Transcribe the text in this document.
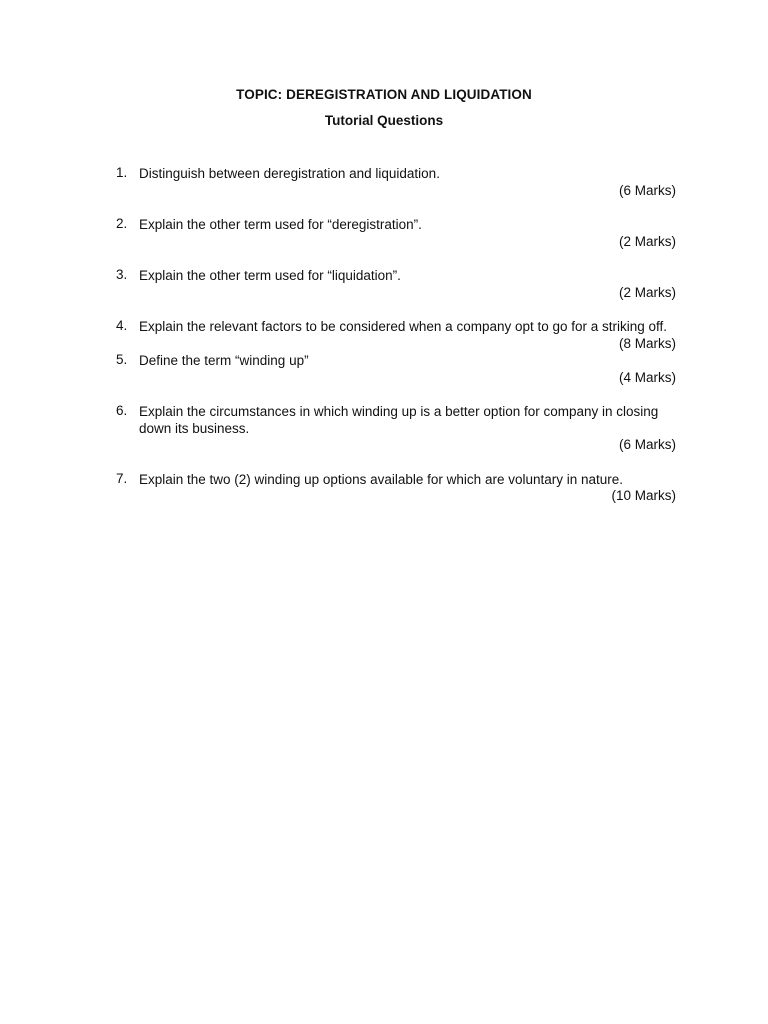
TOPIC: DEREGISTRATION AND LIQUIDATION
Tutorial Questions
1. Distinguish between deregistration and liquidation.
(6 Marks)
2. Explain the other term used for “deregistration”.
(2 Marks)
3. Explain the other term used for “liquidation”.
(2 Marks)
4. Explain the relevant factors to be considered when a company opt to go for a striking off.
(8 Marks)
5. Define the term “winding up”
(4 Marks)
6. Explain the circumstances in which winding up is a better option for company in closing down its business.
(6 Marks)
7. Explain the two (2) winding up options available for which are voluntary in nature.
(10 Marks)
